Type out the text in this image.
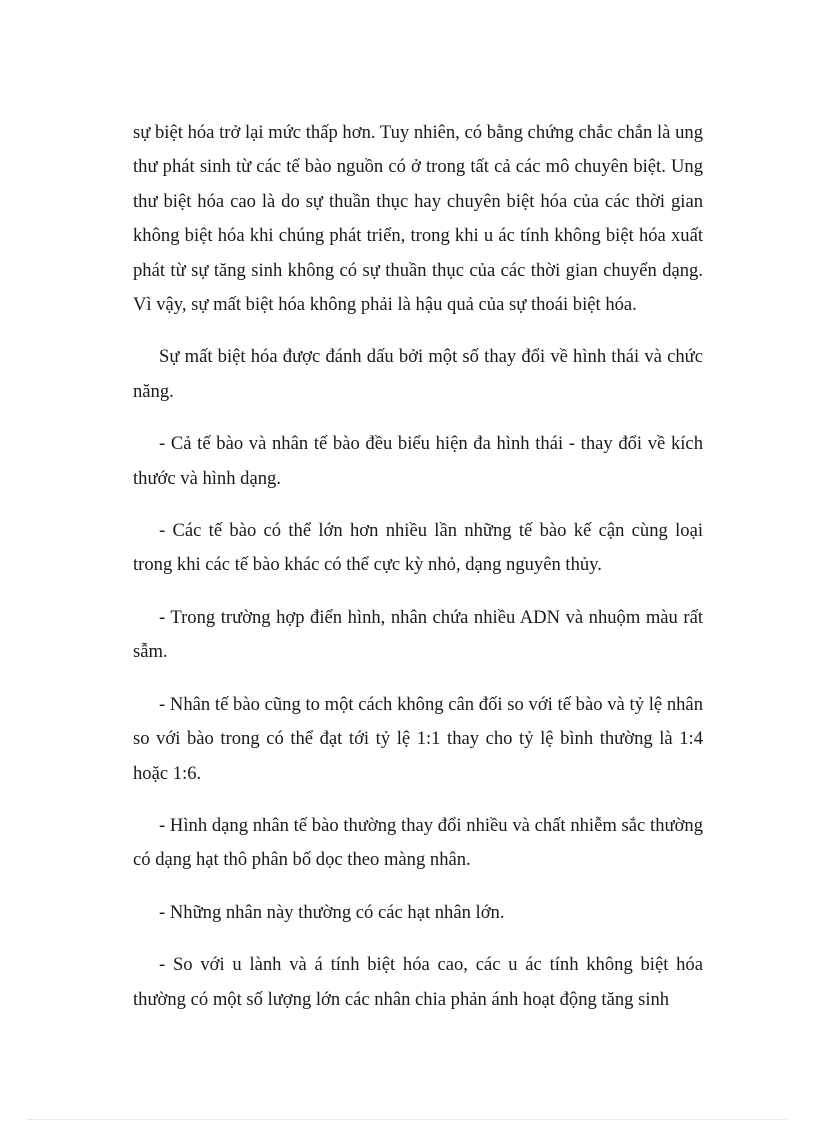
sự biệt hóa trở lại mức thấp hơn. Tuy nhiên, có bằng chứng chắc chắn là ung thư phát sinh từ các tế bào nguồn có ở trong tất cả các mô chuyên biệt. Ung thư biệt hóa cao là do sự thuần thục hay chuyên biệt hóa của các thời gian không biệt hóa khi chúng phát triển, trong khi u ác tính không biệt hóa xuất phát từ sự tăng sinh không có sự thuần thục của các thời gian chuyển dạng. Vì vậy, sự mất biệt hóa không phải là hậu quả của sự thoái biệt hóa.

Sự mất biệt hóa được đánh dấu bởi một số thay đổi về hình thái và chức năng.

- Cả tế bào và nhân tế bào đều biểu hiện đa hình thái - thay đổi về kích thước và hình dạng.

- Các tế bào có thể lớn hơn nhiều lần những tế bào kế cận cùng loại trong khi các tế bào khác có thể cực kỳ nhỏ, dạng nguyên thủy.

- Trong trường hợp điển hình, nhân chứa nhiều ADN và nhuộm màu rất sẫm.

- Nhân tế bào cũng to một cách không cân đối so với tế bào và tỷ lệ nhân so với bào trong có thể đạt tới tỷ lệ 1:1 thay cho tỷ lệ bình thường là 1:4 hoặc 1:6.

- Hình dạng nhân tế bào thường thay đổi nhiều và chất nhiễm sắc thường có dạng hạt thô phân bố dọc theo màng nhân.

- Những nhân này thường có các hạt nhân lớn.

- So với u lành và á tính biệt hóa cao, các u ác tính không biệt hóa thường có một số lượng lớn các nhân chia phản ánh hoạt động tăng sinh
